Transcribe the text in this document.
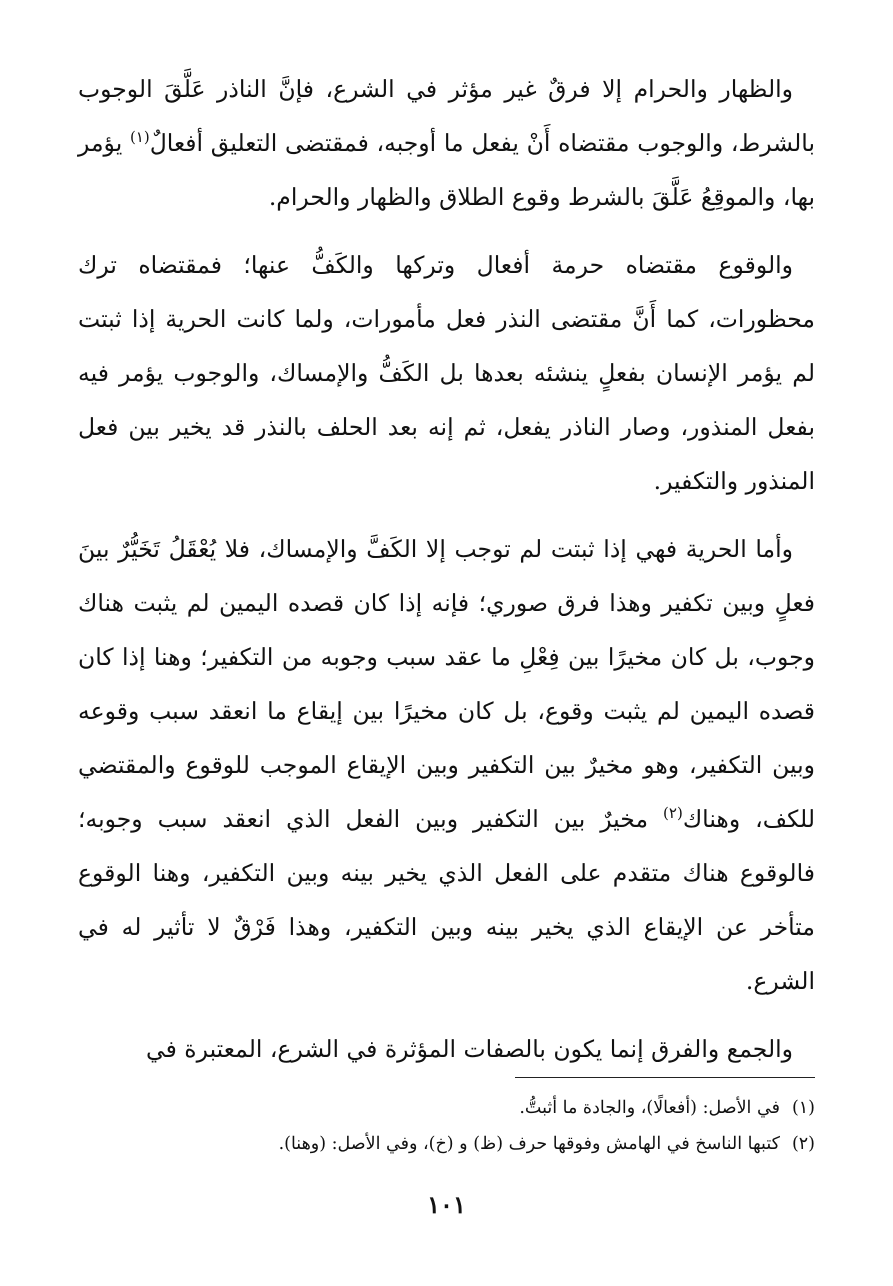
والظهار والحرام إلا فرقٌ غير مؤثر في الشرع، فإنَّ الناذر عَلَّقَ الوجوب بالشرط، والوجوب مقتضاه أَنْ يفعل ما أوجبه، فمقتضى التعليق أفعالٌ$^{(١)}$ يؤمر بها، والموقِعُ عَلَّقَ بالشرط وقوع الطلاق والظهار والحرام.

والوقوع مقتضاه حرمة أفعال وتركها والكَفُّ عنها؛ فمقتضاه ترك محظورات، كما أَنَّ مقتضى النذر فعل مأمورات، ولما كانت الحرية إذا ثبتت لم يؤمر الإنسان بفعلٍ ينشئه بعدها بل الكَفُّ والإمساك، والوجوب يؤمر فيه بفعل المنذور، وصار الناذر يفعل، ثم إنه بعد الحلف بالنذر قد يخير بين فعل المنذور والتكفير.

وأما الحرية فهي إذا ثبتت لم توجب إلا الكَفَّ والإمساك، فلا يُعْقَلُ تَخَيُّرٌ بينَ فعلٍ وبين تكفير وهذا فرق صوري؛ فإنه إذا كان قصده اليمين لم يثبت هناك وجوب، بل كان مخيرًا بين فِعْلِ ما عقد سبب وجوبه من التكفير؛ وهنا إذا كان قصده اليمين لم يثبت وقوع، بل كان مخيرًا بين إيقاع ما انعقد سبب وقوعه وبين التكفير، وهو مخيرٌ بين التكفير وبين الإيقاع الموجب للوقوع والمقتضي للكف، وهناك$^{(٢)}$ مخيرٌ بين التكفير وبين الفعل الذي انعقد سبب وجوبه؛ فالوقوع هناك متقدم على الفعل الذي يخير بينه وبين التكفير، وهنا الوقوع متأخر عن الإيقاع الذي يخير بينه وبين التكفير، وهذا فَرْقٌ لا تأثير له في الشرع.

والجمع والفرق إنما يكون بالصفات المؤثرة في الشرع، المعتبرة في

(١)في الأصل: (أفعالًا)، والجادة ما أثبتُّ.
(٢)كتبها الناسخ في الهامش وفوقها حرف (ظ) و (خ)، وفي الأصل: (وهنا).
١٠١
